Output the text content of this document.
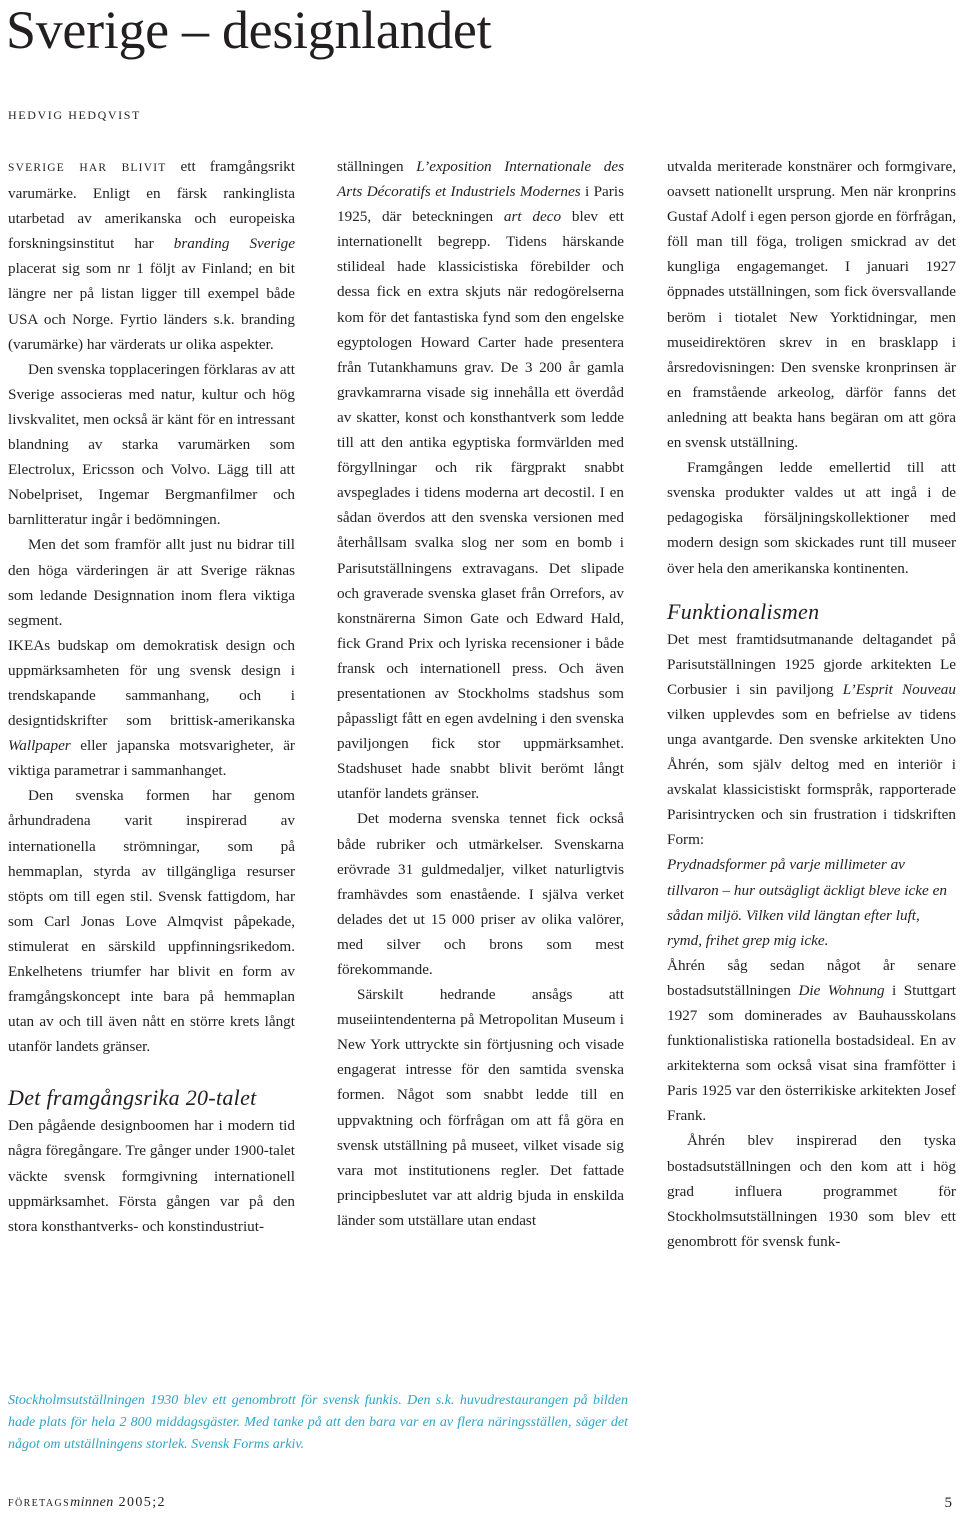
Sverige – designlandet
HEDVIG HEDQVIST

SVERIGE HAR BLIVIT ett framgångsrikt varumärke. Enligt en färsk rankinglista utarbetad av amerikanska och europeiska forskningsinstitut har branding Sverige placerat sig som nr 1 följt av Finland; en bit längre ner på listan ligger till exempel både USA och Norge. Fyrtio länders s.k. branding (varumärke) har värderats ur olika aspekter.

Den svenska topplaceringen förklaras av att Sverige associeras med natur, kultur och hög livskvalitet, men också är känt för en intressant blandning av starka varumärken som Electrolux, Ericsson och Volvo. Lägg till att Nobelpriset, Ingemar Bergmanfilmer och barnlitteratur ingår i bedömningen.

Men det som framför allt just nu bidrar till den höga värderingen är att Sverige räknas som ledande Designnation inom flera viktiga segment.

IKEAs budskap om demokratisk design och uppmärksamheten för ung svensk design i trendskapande sammanhang, och i designtidskrifter som brittisk-amerikanska Wallpaper eller japanska motsvarigheter, är viktiga parametrar i sammanhanget.

Den svenska formen har genom århundradena varit inspirerad av internationella strömningar, som på hemmaplan, styrda av tillgängliga resurser stöpts om till egen stil. Svensk fattigdom, har som Carl Jonas Love Almqvist påpekade, stimulerat en särskild uppfinningsrikedom. Enkelhetens triumfer har blivit en form av framgångskoncept inte bara på hemmaplan utan av och till även nått en större krets långt utanför landets gränser.

Det framgångsrika 20-talet

Den pågående designboomen har i modern tid några föregångare. Tre gånger under 1900-talet väckte svensk formgivning internationell uppmärksamhet. Första gången var på den stora konsthantverks- och konstindustriut-

ställningen L’exposition Internationale des Arts Décoratifs et Industriels Modernes i Paris 1925, där beteckningen art deco blev ett internationellt begrepp. Tidens härskande stilideal hade klassicistiska förebilder och dessa fick en extra skjuts när redogörelserna kom för det fantastiska fynd som den engelske egyptologen Howard Carter hade presentera från Tutankhamuns grav. De 3 200 år gamla gravkamrarna visade sig innehålla ett överdåd av skatter, konst och konsthantverk som ledde till att den antika egyptiska formvärlden med förgyllningar och rik färgprakt snabbt avspeglades i tidens moderna art decostil. I en sådan överdos att den svenska versionen med återhållsam svalka slog ner som en bomb i Parisutställningens extravagans. Det slipade och graverade svenska glaset från Orrefors, av konstnärerna Simon Gate och Edward Hald, fick Grand Prix och lyriska recensioner i både fransk och internationell press. Och även presentationen av Stockholms stadshus som påpassligt fått en egen avdelning i den svenska paviljongen fick stor uppmärksamhet. Stadshuset hade snabbt blivit berömt långt utanför landets gränser.

Det moderna svenska tennet fick också både rubriker och utmärkelser. Svenskarna erövrade 31 guldmedaljer, vilket naturligtvis framhävdes som enastående. I själva verket delades det ut 15 000 priser av olika valörer, med silver och brons som mest förekommande.

Särskilt hedrande ansågs att museiintendenterna på Metropolitan Museum i New York uttryckte sin förtjusning och visade engagerat intresse för den samtida svenska formen. Något som snabbt ledde till en uppvaktning och förfrågan om att få göra en svensk utställning på museet, vilket visade sig vara mot institutionens regler. Det fattade principbeslutet var att aldrig bjuda in enskilda länder som utställare utan endast

utvalda meriterade konstnärer och formgivare, oavsett nationellt ursprung. Men när kronprins Gustaf Adolf i egen person gjorde en förfrågan, föll man till föga, troligen smickrad av det kungliga engagemanget. I januari 1927 öppnades utställningen, som fick översvallande beröm i tiotalet New Yorktidningar, men museidirektören skrev in en brasklapp i årsredovisningen: Den svenske kronprinsen är en framstående arkeolog, därför fanns det anledning att beakta hans begäran om att göra en svensk utställning.

Framgången ledde emellertid till att svenska produkter valdes ut att ingå i de pedagogiska försäljningskollektioner med modern design som skickades runt till museer över hela den amerikanska kontinenten.

Funktionalismen

Det mest framtidsutmanande deltagandet på Parisutställningen 1925 gjorde arkitekten Le Corbusier i sin paviljong L’Esprit Nouveau vilken upplevdes som en befrielse av tidens unga avantgarde. Den svenske arkitekten Uno Åhrén, som själv deltog med en interiör i avskalat klassicistiskt formspråk, rapporterade Parisintrycken och sin frustration i tidskriften Form:

Prydnadsformer på varje millimeter av tillvaron – hur outsägligt äckligt bleve icke en sådan miljö. Vilken vild längtan efter luft, rymd, frihet grep mig icke.

Åhrén såg sedan något år senare bostadsutställningen Die Wohnung i Stuttgart 1927 som dominerades av Bauhausskolans funktionalistiska rationella bostadsideal. En av arkitekterna som också visat sina framfötter i Paris 1925 var den österrikiske arkitekten Josef Frank.

Åhrén blev inspirerad den tyska bostadsutställningen och den kom att i hög grad influera programmet för Stockholmsutställningen 1930 som blev ett genombrott för svensk funk-

Stockholmsutställningen 1930 blev ett genombrott för svensk funkis. Den s.k. huvudrestaurangen på bilden hade plats för hela 2 800 middagsgäster. Med tanke på att den bara var en av flera näringsställen, säger det något om utställningens storlek. Svensk Forms arkiv.
företagsminnen 2005;2	5
